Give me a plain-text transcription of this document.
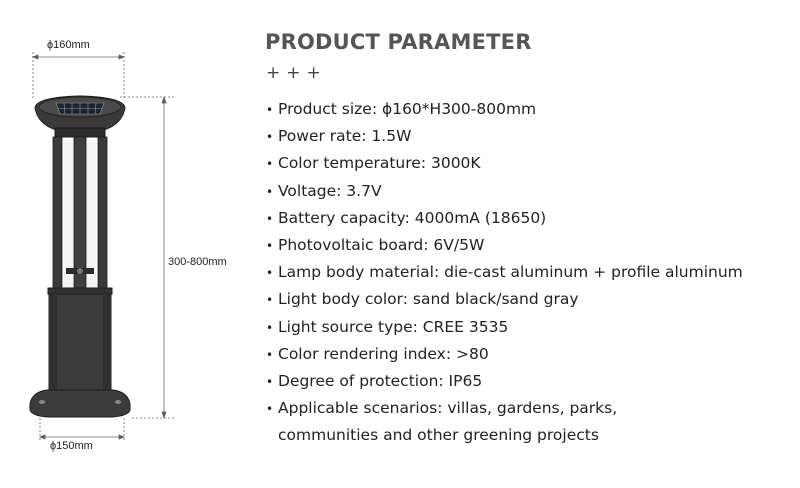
ϕ160mm
300-800mm
ϕ150mm
PRODUCT PARAMETER
+++
• Product size: ϕ160*H300-800mm
• Power rate: 1.5W
• Color temperature: 3000K
• Voltage: 3.7V
• Battery capacity: 4000mA (18650)
• Photovoltaic board: 6V/5W
• Lamp body material: die-cast aluminum + profile aluminum
• Light body color: sand black/sand gray
• Light source type: CREE 3535
• Color rendering index: >80
• Degree of protection: IP65
• Applicable scenarios: villas, gardens, parks,
communities and other greening projects
